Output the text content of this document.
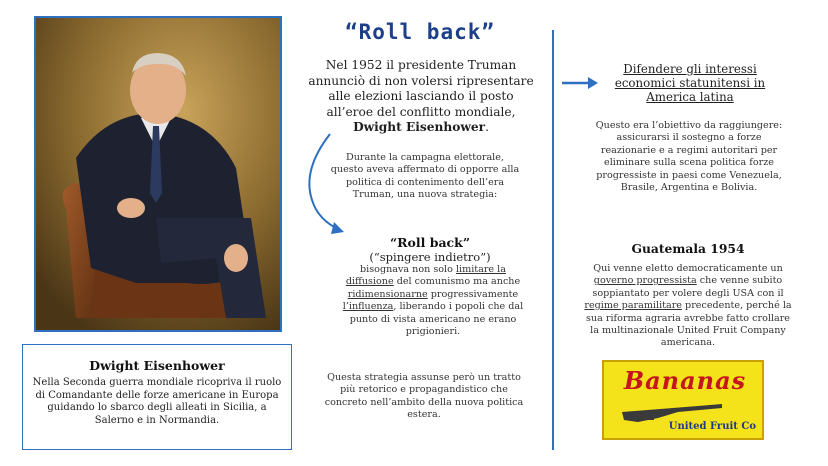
Dwight Eisenhower
Nella Seconda guerra mondiale ricopriva il ruolo di Comandante delle forze americane in Europa guidando lo sbarco degli alleati in Sicilia, a Salerno e in Normandia.
“Roll back”
Nel 1952 il presidente Truman annunciò di non volersi ripresentare alle elezioni lasciando il posto all’eroe del conflitto mondiale, Dwight Eisenhower.
Durante la campagna elettorale, questo aveva affermato di opporre alla politica di contenimento dell’era Truman, una nuova strategia:
“Roll back”
(“spingere indietro”)
bisognava non solo limitare la diffusione del comunismo ma anche ridimensionarne progressivamente l’influenza, liberando i popoli che dal punto di vista americano ne erano prigionieri.
Questa strategia assunse però un tratto più retorico e propagandistico che concreto nell’ambito della nuova politica estera.
Difendere gli interessi economici statunitensi in America latina
Questo era l’obiettivo da raggiungere: assicurarsi il sostegno a forze reazionarie e a regimi autoritari per eliminare sulla scena politica forze progressiste in paesi come Venezuela, Brasile, Argentina e Bolivia.
Guatemala 1954
Qui venne eletto democraticamente un governo progressista che venne subito soppiantato per volere degli USA con il regime paramilitare precedente, perché la sua riforma agraria avrebbe fatto crollare la multinazionale United Fruit Company americana.
Bananas
United Fruit Co
